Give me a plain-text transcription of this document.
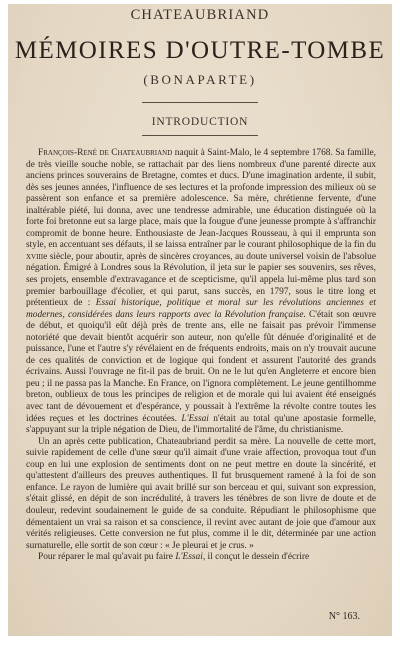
CHATEAUBRIAND
MÉMOIRES D'OUTRE-TOMBE
(BONAPARTE)
INTRODUCTION

François-René de Chateaubriand naquit à Saint-Malo, le 4 septembre 1768. Sa famille, de très vieille souche noble, se rattachait par des liens nombreux d'une parenté directe aux anciens princes souverains de Bretagne, comtes et ducs. D'une imagination ardente, il subit, dès ses jeunes années, l'influence de ses lectures et la profonde impression des milieux où se passèrent son enfance et sa première adolescence. Sa mère, chrétienne fervente, d'une inaltérable piété, lui donna, avec une tendresse admirable, une éducation distinguée où la forte foi bretonne eut sa large place, mais que la fougue d'une jeunesse prompte à s'affranchir compromit de bonne heure. Enthousiaste de Jean-Jacques Rousseau, à qui il emprunta son style, en accentuant ses défauts, il se laissa entraîner par le courant philosophique de la fin du xviiie siècle, pour aboutir, après de sincères croyances, au doute universel voisin de l'absolue négation. Émigré à Londres sous la Révolution, il jeta sur le papier ses souvenirs, ses rêves, ses projets, ensemble d'extravagance et de scepticisme, qu'il appela lui-même plus tard son premier barbouillage d'écolier, et qui parut, sans succès, en 1797, sous le titre long et prétentieux de : Essai historique, politique et moral sur les révolutions anciennes et modernes, considérées dans leurs rapports avec la Révolution française. C'était son œuvre de début, et quoiqu'il eût déjà près de trente ans, elle ne faisait pas prévoir l'immense notoriété que devait bientôt acquérir son auteur, non qu'elle fût dénuée d'originalité et de puissance, l'une et l'autre s'y révélaient en de fréquents endroits, mais on n'y trouvait aucune de ces qualités de conviction et de logique qui fondent et assurent l'autorité des grands écrivains. Aussi l'ouvrage ne fit-il pas de bruit. On ne le lut qu'en Angleterre et encore bien peu ; il ne passa pas la Manche. En France, on l'ignora complètement. Le jeune gentilhomme breton, oublieux de tous les principes de religion et de morale qui lui avaient été enseignés avec tant de dévouement et d'espérance, y poussait à l'extrême la révolte contre toutes les idées reçues et les doctrines écoutées. L'Essai n'était au total qu'une apostasie formelle, s'appuyant sur la triple négation de Dieu, de l'immortalité de l'âme, du christianisme.

Un an après cette publication, Chateaubriand perdit sa mère. La nouvelle de cette mort, suivie rapidement de celle d'une sœur qu'il aimait d'une vraie affection, provoqua tout d'un coup en lui une explosion de sentiments dont on ne peut mettre en doute la sincérité, et qu'attestent d'ailleurs des preuves authentiques. Il fut brusquement ramené à la foi de son enfance. Le rayon de lumière qui avait brillé sur son berceau et qui, suivant son expression, s'était glissé, en dépit de son incrédulité, à travers les ténèbres de son livre de doute et de douleur, redevint soudainement le guide de sa conduite. Répudiant le philosophisme que démentaient un vrai sa raison et sa conscience, il revint avec autant de joie que d'amour aux vérités religieuses. Cette conversion ne fut plus, comme il le dit, déterminée par une action surnaturelle, elle sortit de son cœur : « Je pleurai et je crus. »

Pour réparer le mal qu'avait pu faire L'Essai, il conçut le dessein d'écrire

N° 163.
